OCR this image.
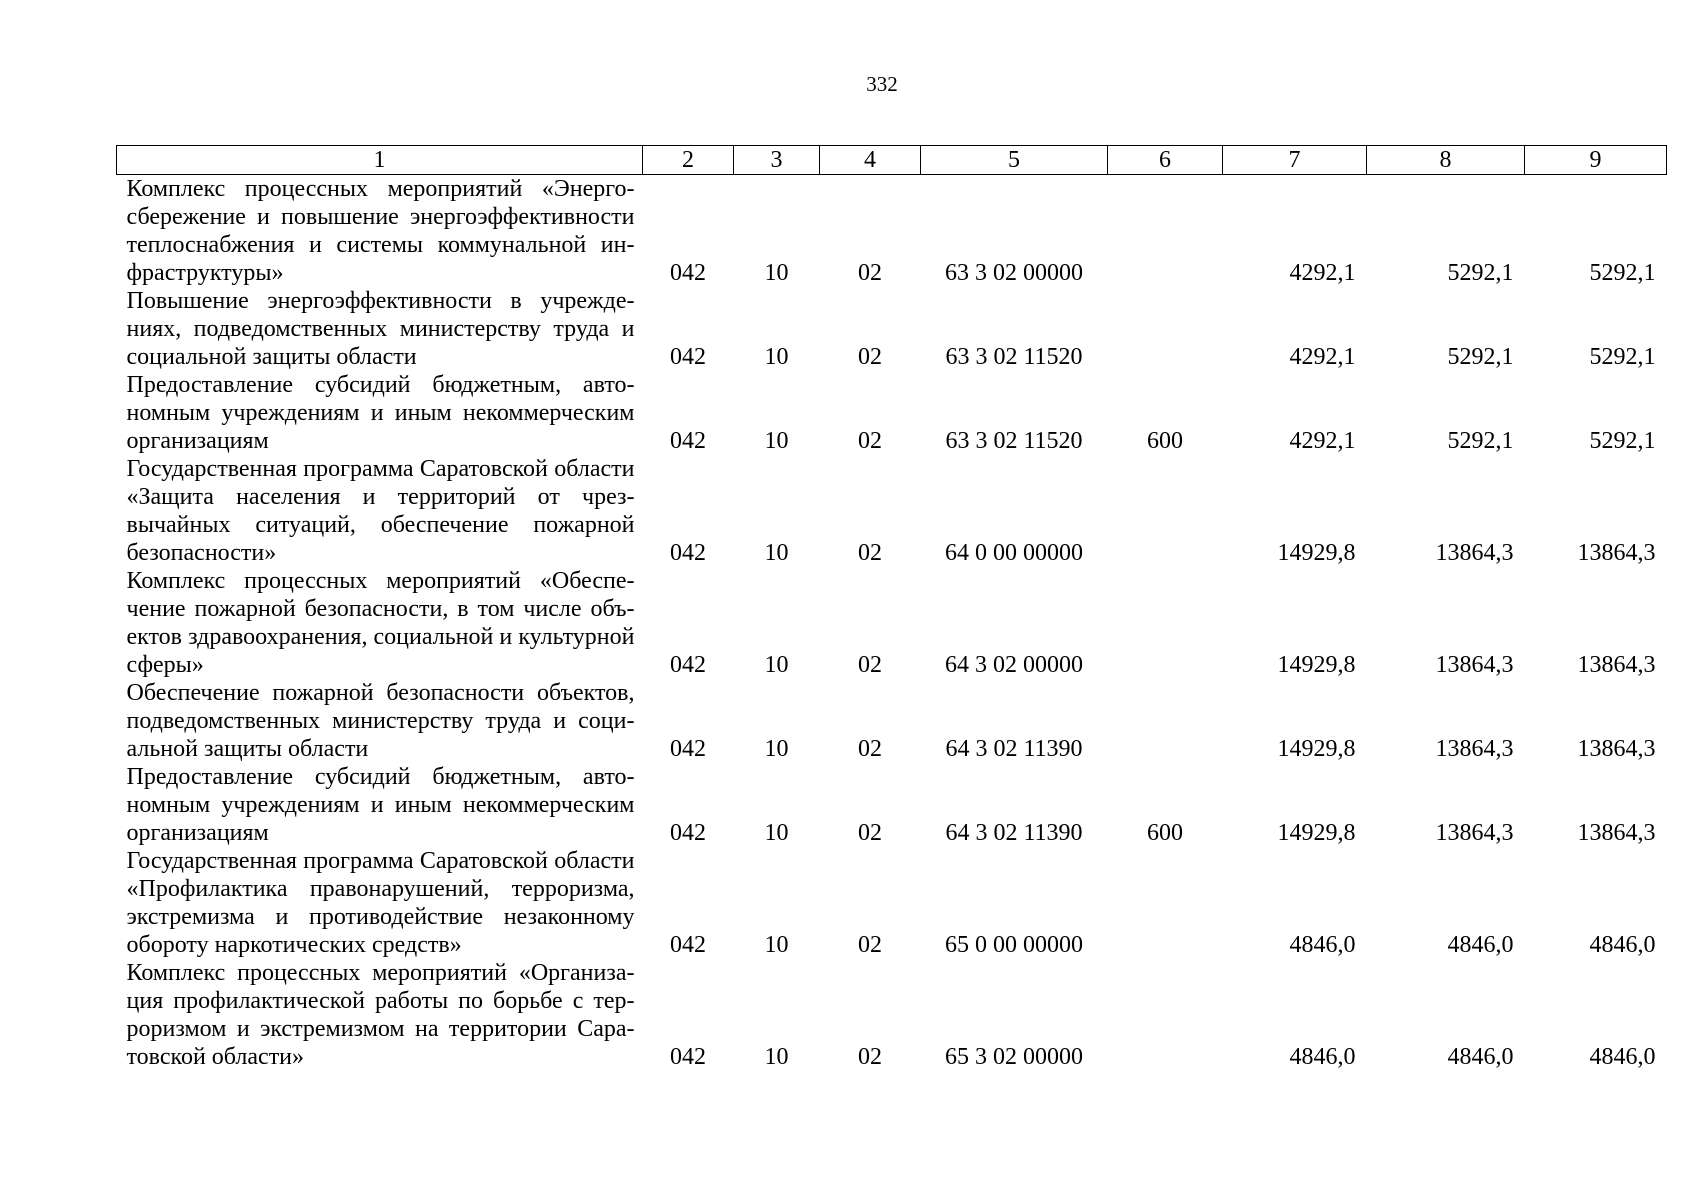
332
1	2	3	4	5	6	7	8	9
Комплекс процессных мероприятий «Энергосбережение и повышение энергоэффективности теплоснабжения и системы коммунальной инфраструктуры»	042	10	02	63 3 02 00000		4292,1	5292,1	5292,1
Повышение энергоэффективности в учреждениях, подведомственных министерству труда и социальной защиты области	042	10	02	63 3 02 11520		4292,1	5292,1	5292,1
Предоставление субсидий бюджетным, автономным учреждениям и иным некоммерческим организациям	042	10	02	63 3 02 11520	600	4292,1	5292,1	5292,1
Государственная программа Саратовской области «Защита населения и территорий от чрезвычайных ситуаций, обеспечение пожарной безопасности»	042	10	02	64 0 00 00000		14929,8	13864,3	13864,3
Комплекс процессных мероприятий «Обеспечение пожарной безопасности, в том числе объектов здравоохранения, социальной и культурной сферы»	042	10	02	64 3 02 00000		14929,8	13864,3	13864,3
Обеспечение пожарной безопасности объектов, подведомственных министерству труда и социальной защиты области	042	10	02	64 3 02 11390		14929,8	13864,3	13864,3
Предоставление субсидий бюджетным, автономным учреждениям и иным некоммерческим организациям	042	10	02	64 3 02 11390	600	14929,8	13864,3	13864,3
Государственная программа Саратовской области «Профилактика правонарушений, терроризма, экстремизма и противодействие незаконному обороту наркотических средств»	042	10	02	65 0 00 00000		4846,0	4846,0	4846,0
Комплекс процессных мероприятий «Организация профилактической работы по борьбе с терроризмом и экстремизмом на территории Саратовской области»	042	10	02	65 3 02 00000		4846,0	4846,0	4846,0
